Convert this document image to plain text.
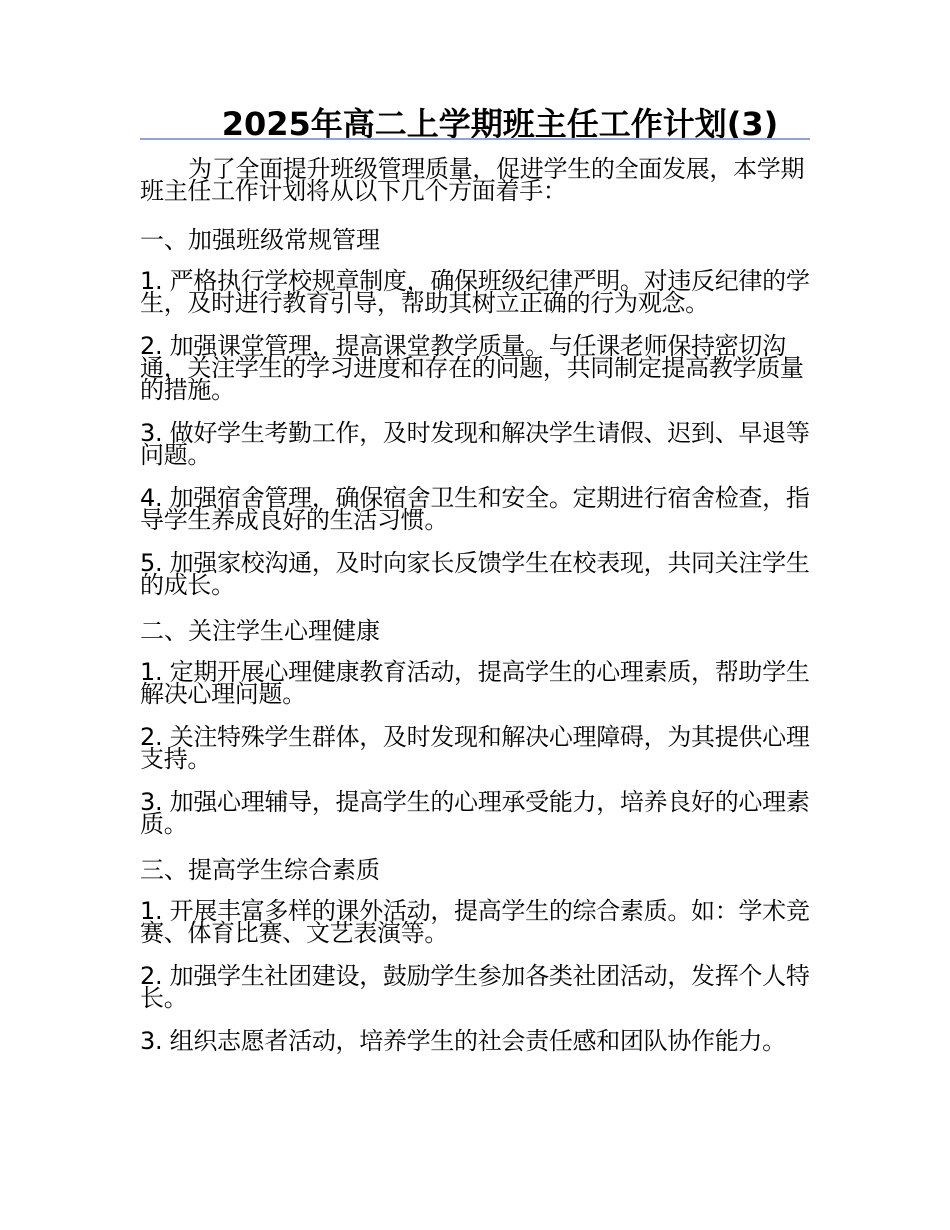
2025年高二上学期班主任工作计划(3)

为了全面提升班级管理质量，促进学生的全面发展，本学期班主任工作计划将从以下几个方面着手：

一、加强班级常规管理

1. 严格执行学校规章制度，确保班级纪律严明。对违反纪律的学生，及时进行教育引导，帮助其树立正确的行为观念。

2. 加强课堂管理，提高课堂教学质量。与任课老师保持密切沟通，关注学生的学习进度和存在的问题，共同制定提高教学质量的措施。

3. 做好学生考勤工作，及时发现和解决学生请假、迟到、早退等问题。

4. 加强宿舍管理，确保宿舍卫生和安全。定期进行宿舍检查，指导学生养成良好的生活习惯。

5. 加强家校沟通，及时向家长反馈学生在校表现，共同关注学生的成长。

二、关注学生心理健康

1. 定期开展心理健康教育活动，提高学生的心理素质，帮助学生解决心理问题。

2. 关注特殊学生群体，及时发现和解决心理障碍，为其提供心理支持。

3. 加强心理辅导，提高学生的心理承受能力，培养良好的心理素质。

三、提高学生综合素质

1. 开展丰富多样的课外活动，提高学生的综合素质。如：学术竞赛、体育比赛、文艺表演等。

2. 加强学生社团建设，鼓励学生参加各类社团活动，发挥个人特长。

3. 组织志愿者活动，培养学生的社会责任感和团队协作能力。
